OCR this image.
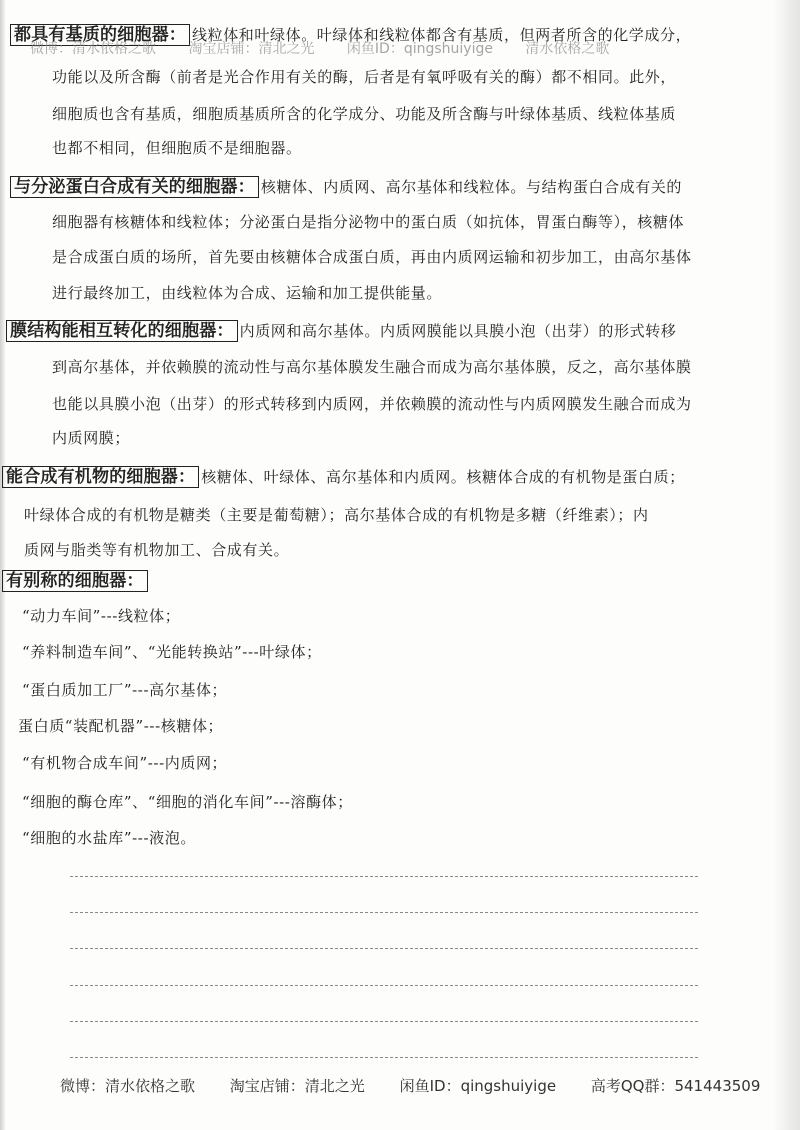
都具有基质的细胞器： 线粒体和叶绿体。叶绿体和线粒体都含有基质，但两者所含的化学成分，
微博：清水依格之歌 淘宝店铺：清北之光 闲鱼ID：qingshuiyige 清水依格之歌
功能以及所含酶（前者是光合作用有关的酶，后者是有氧呼吸有关的酶）都不相同。此外，
细胞质也含有基质，细胞质基质所含的化学成分、功能及所含酶与叶绿体基质、线粒体基质
也都不相同，但细胞质不是细胞器。
与分泌蛋白合成有关的细胞器： 核糖体、内质网、高尔基体和线粒体。与结构蛋白合成有关的
细胞器有核糖体和线粒体；分泌蛋白是指分泌物中的蛋白质（如抗体，胃蛋白酶等），核糖体
是合成蛋白质的场所，首先要由核糖体合成蛋白质，再由内质网运输和初步加工，由高尔基体
进行最终加工，由线粒体为合成、运输和加工提供能量。
膜结构能相互转化的细胞器： 内质网和高尔基体。内质网膜能以具膜小泡（出芽）的形式转移
到高尔基体，并依赖膜的流动性与高尔基体膜发生融合而成为高尔基体膜，反之，高尔基体膜
也能以具膜小泡（出芽）的形式转移到内质网，并依赖膜的流动性与内质网膜发生融合而成为
内质网膜；
能合成有机物的细胞器： 核糖体、叶绿体、高尔基体和内质网。核糖体合成的有机物是蛋白质；
叶绿体合成的有机物是糖类（主要是葡萄糖）；高尔基体合成的有机物是多糖（纤维素）；内
质网与脂类等有机物加工、合成有关。
有别称的细胞器：
“动力车间”---线粒体；
“养料制造车间”、“光能转换站”---叶绿体；
“蛋白质加工厂”---高尔基体；
蛋白质“装配机器”---核糖体；
“有机物合成车间”---内质网；
“细胞的酶仓库”、“细胞的消化车间”---溶酶体；
“细胞的水盐库”---液泡。
微博：清水依格之歌 淘宝店铺：清北之光 闲鱼ID：qingshuiyige 高考QQ群：541443509
